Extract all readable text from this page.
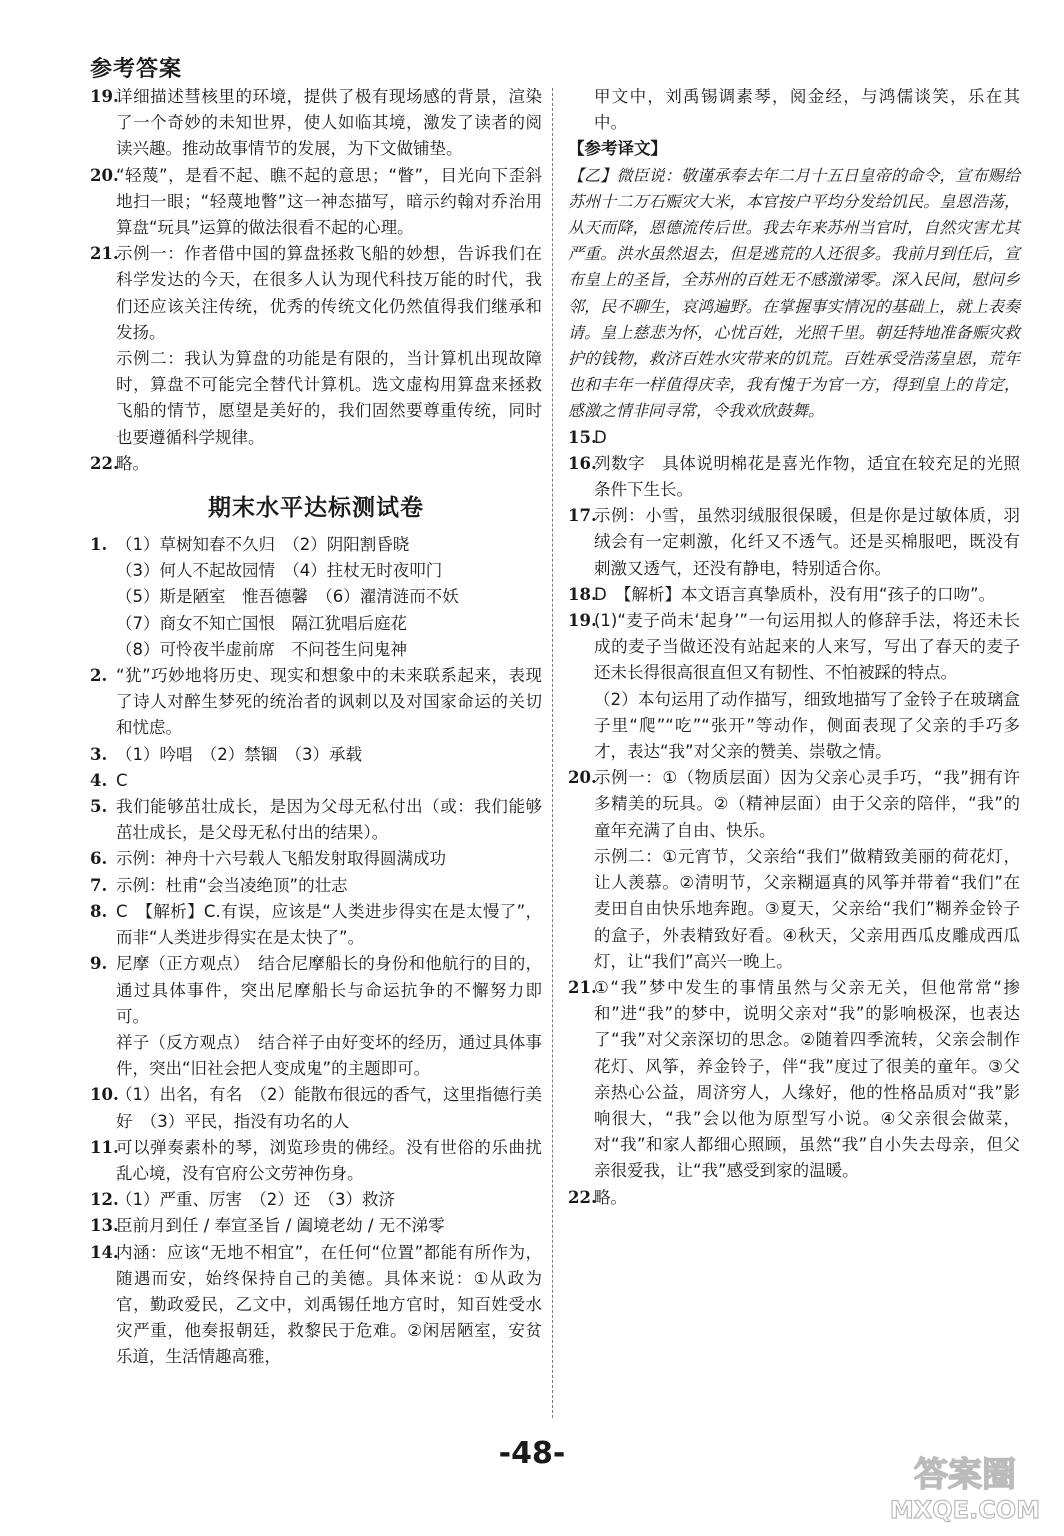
参考答案
19.
详细描述彗核里的环境，提供了极有现场感的背景，渲染了一个奇妙的未知世界，使人如临其境，激发了读者的阅读兴趣。推动故事情节的发展，为下文做铺垫。
20.
“轻蔑”，是看不起、瞧不起的意思；“瞥”，目光向下歪斜地扫一眼；“轻蔑地瞥”这一神态描写，暗示约翰对乔治用算盘“玩具”运算的做法很看不起的心理。
21.
示例一：作者借中国的算盘拯救飞船的妙想，告诉我们在科学发达的今天，在很多人认为现代科技万能的时代，我们还应该关注传统，优秀的传统文化仍然值得我们继承和发扬。
示例二：我认为算盘的功能是有限的，当计算机出现故障时，算盘不可能完全替代计算机。选文虚构用算盘来拯救飞船的情节，愿望是美好的，我们固然要尊重传统，同时也要遵循科学规律。
22.
略。
期末水平达标测试卷
1. （1）草树知春不久归　（2）阴阳割昏晓
（3）何人不起故园情　（4）拄杖无时夜叩门
（5）斯是陋室　惟吾德馨　（6）濯清涟而不妖
（7）商女不知亡国恨　隔江犹唱后庭花
（8）可怜夜半虚前席　不问苍生问鬼神
2. “犹”巧妙地将历史、现实和想象中的未来联系起来，表现了诗人对醉生梦死的统治者的讽刺以及对国家命运的关切和忧虑。
3. （1）吟唱　（2）禁锢　（3）承载
4. C
5. 我们能够茁壮成长，是因为父母无私付出（或：我们能够茁壮成长，是父母无私付出的结果）。
6. 示例：神舟十六号载人飞船发射取得圆满成功
7. 示例：杜甫“会当凌绝顶”的壮志
8. C　【解析】C.有误，应该是“人类进步得实在是太慢了”，而非“人类进步得实在是太快了”。
9. 尼摩（正方观点）　结合尼摩船长的身份和他航行的目的，通过具体事件，突出尼摩船长与命运抗争的不懈努力即可。
祥子（反方观点）　结合祥子由好变坏的经历，通过具体事件，突出“旧社会把人变成鬼”的主题即可。
10.
（1）出名，有名　（2）能散布很远的香气，这里指德行美好　（3）平民，指没有功名的人
11.
可以弹奏素朴的琴，浏览珍贵的佛经。没有世俗的乐曲扰乱心境，没有官府公文劳神伤身。
12.
（1）严重、厉害　（2）还　（3）救济
13.
臣前月到任 / 奉宣圣旨 / 阖境老幼 / 无不涕零
14.
内涵：应该“无地不相宜”，在任何“位置”都能有所作为，随遇而安，始终保持自己的美德。具体来说：①从政为官，勤政爱民，乙文中，刘禹锡任地方官时，知百姓受水灾严重，他奏报朝廷，救黎民于危难。②闲居陋室，安贫乐道，生活情趣高雅，
甲文中，刘禹锡调素琴，阅金经，与鸿儒谈笑，乐在其中。
【参考译文】
【乙】微臣说：敬谨承奉去年二月十五日皇帝的命令，宣布赐给苏州十二万石赈灾大米，本官按户平均分发给饥民。皇恩浩荡，从天而降，恩德流传后世。我去年来苏州当官时，自然灾害尤其严重。洪水虽然退去，但是逃荒的人还很多。我前月到任后，宣布皇上的圣旨，全苏州的百姓无不感激涕零。深入民间，慰问乡邻，民不聊生，哀鸿遍野。在掌握事实情况的基础上，就上表奏请。皇上慈悲为怀，心忧百姓，光照千里。朝廷特地准备赈灾救护的钱物，救济百姓水灾带来的饥荒。百姓承受浩荡皇恩，荒年也和丰年一样值得庆幸，我有愧于为官一方，得到皇上的肯定，感激之情非同寻常，令我欢欣鼓舞。
15.
D
16.
列数字　具体说明棉花是喜光作物，适宜在较充足的光照条件下生长。
17.
示例：小雪，虽然羽绒服很保暖，但是你是过敏体质，羽绒会有一定刺激，化纤又不透气。还是买棉服吧，既没有刺激又透气，还没有静电，特别适合你。
18.
D　【解析】本文语言真挚质朴，没有用“孩子的口吻”。
19.
(1)“麦子尚未‘起身’”一句运用拟人的修辞手法，将还未长成的麦子当做还没有站起来的人来写，写出了春天的麦子还未长得很高很直但又有韧性、不怕被踩的特点。
（2）本句运用了动作描写，细致地描写了金铃子在玻璃盒子里“爬”“吃”“张开”等动作，侧面表现了父亲的手巧多才，表达“我”对父亲的赞美、崇敬之情。
20.
示例一：①（物质层面）因为父亲心灵手巧，“我”拥有许多精美的玩具。②（精神层面）由于父亲的陪伴，“我”的童年充满了自由、快乐。
示例二：①元宵节，父亲给“我们”做精致美丽的荷花灯，让人羡慕。②清明节，父亲糊逼真的风筝并带着“我们”在麦田自由快乐地奔跑。③夏天，父亲给“我们”糊养金铃子的盒子，外表精致好看。④秋天，父亲用西瓜皮雕成西瓜灯，让“我们”高兴一晚上。
21.
①“我”梦中发生的事情虽然与父亲无关，但他常常“掺和”进“我”的梦中，说明父亲对“我”的影响极深，也表达了“我”对父亲深切的思念。②随着四季流转，父亲会制作花灯、风筝，养金铃子，伴“我”度过了很美的童年。③父亲热心公益，周济穷人，人缘好，他的性格品质对“我”影响很大，“我”会以他为原型写小说。④父亲很会做菜，对“我”和家人都细心照顾，虽然“我”自小失去母亲，但父亲很爱我，让“我”感受到家的温暖。
22.
略。
-48-
答案圈
MXQE.COM
